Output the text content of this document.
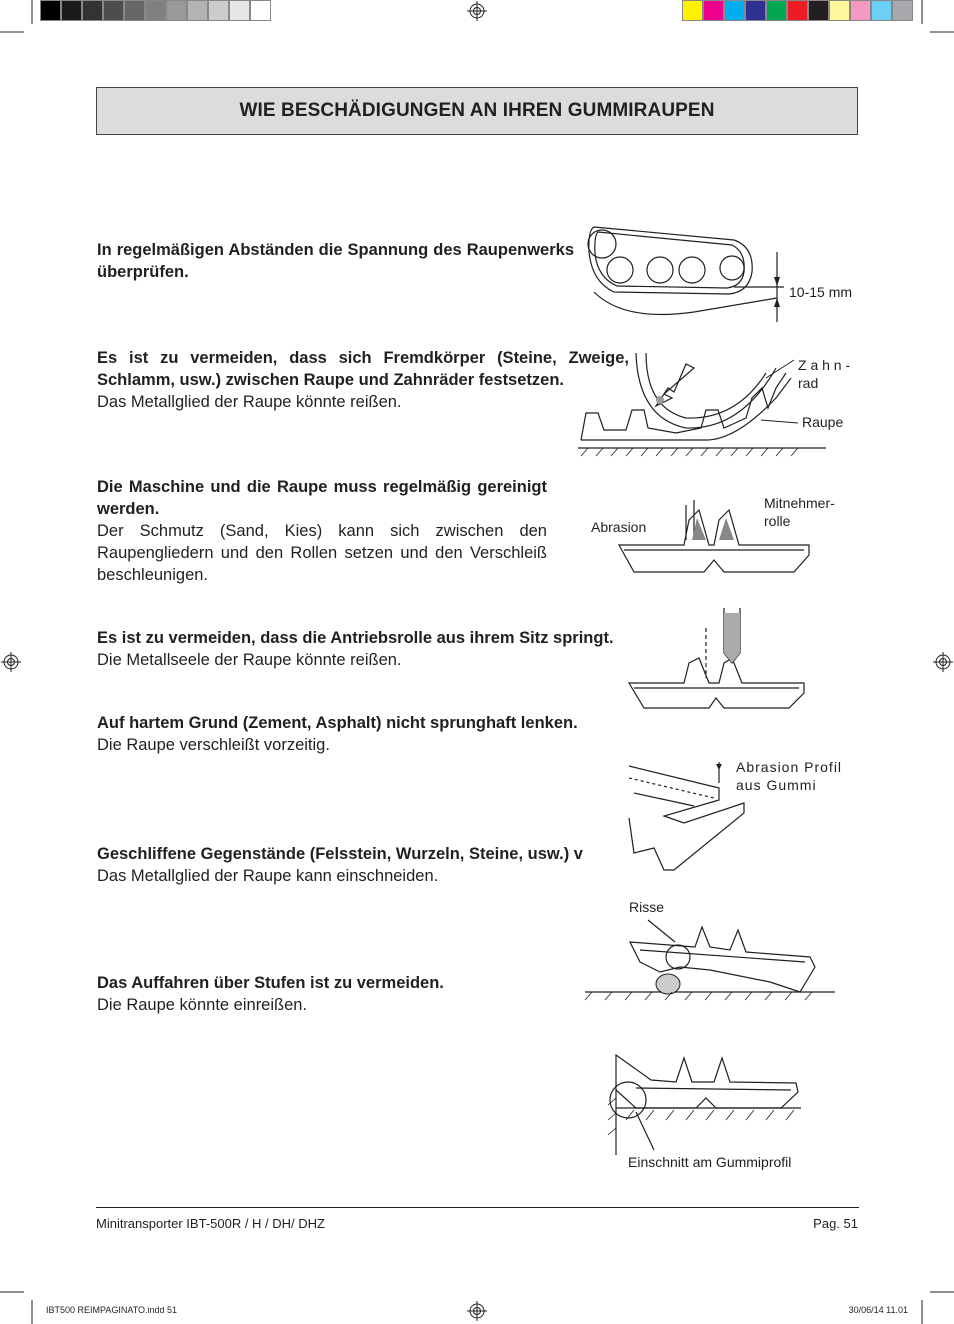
WIE BESCHÄDIGUNGEN AN IHREN GUMMIRAUPEN
In regelmäßigen Abständen die Spannung des Raupenwerks überprüfen.
10-15 mm
Es ist zu vermeiden, dass sich Fremdkörper (Steine, Zweige, Schlamm, usw.) zwischen Raupe und Zahnräder festsetzen.
Das Metallglied der Raupe könnte reißen.
Z a h n - rad
Raupe
Die Maschine und die Raupe muss regelmäßig gereinigt werden.
Der Schmutz (Sand, Kies) kann sich zwischen den Raupengliedern und den Rollen setzen und den Verschleiß beschleunigen.
Abrasion
Mitnehmer-rolle
Es ist zu vermeiden, dass die Antriebsrolle aus ihrem Sitz springt.
Die Metallseele der Raupe könnte reißen.
Auf hartem Grund (Zement, Asphalt) nicht sprunghaft lenken.
Die Raupe verschleißt vorzeitig.
Abrasion Profil aus Gummi
Geschliffene Gegenstände (Felsstein, Wurzeln, Steine, usw.) v
Das Metallglied der Raupe kann einschneiden.
Risse
Das Auffahren über Stufen ist zu vermeiden.
Die Raupe könnte einreißen.
Einschnitt am Gummiprofil
Minitransporter IBT-500R / H / DH/ DHZ	Pag. 51
IBT500 REIMPAGINATO.indd 51	30/06/14 11.01
